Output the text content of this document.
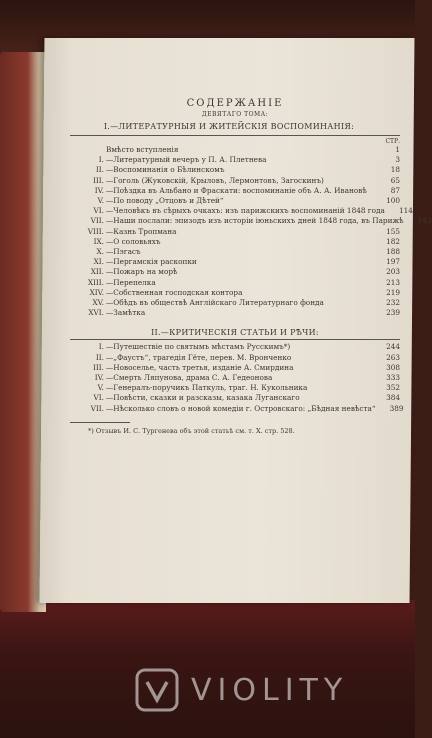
СОДЕРЖАНІЕ
ДЕВЯТАГО ТОМА:
I.—ЛИТЕРАТУРНЫЯ И ЖИТЕЙСКІЯ ВОСПОМИНАНІЯ:
СТР.
Вмѣсто вступленія	1
I. —Литературный вечеръ у П. А. Плетнева	3
II. —Воспоминанія о Бѣлинскомъ	18
III. —Гоголь (Жуковскій, Крыловъ, Лермонтовъ, Загоскинъ)	65
IV. —Поѣздка въ Альбано и Фраскати: воспоминаніе объ А. А. Ивановѣ	87
V. —По поводу „Отцовъ и Дѣтей“	100
VI. —Человѣкъ въ сѣрыхъ очкахъ: изъ парижскихъ воспоминаній 1848 года	114
VII. —Наши послали: эпизодъ изъ исторіи іюньскихъ дней 1848 года, въ Парижѣ	143
VIII. —Казнь Тропмана	155
IX. —О соловьяхъ	182
X. —Пэгасъ	188
XI. —Пергамскія раскопки	197
XII. —Пожаръ на морѣ	203
XIII. —Перепелка	213
XIV. —Собственная господская контора	219
XV. —Обѣдъ въ обществѣ Англійскаго Литературнаго фонда	232
XVI. —Замѣтка	239
II.—КРИТИЧЕСКІЯ СТАТЬИ И РѢЧИ:
I. —Путешествіе по святымъ мѣстамъ Русскимъ*)	244
II. —„Фаустъ“, трагедія Гёте, перев. М. Вронченко	263
III. —Новоселье, часть третья, изданіе А. Смирдина	308
IV. —Смерть Ляпунова, драма С. А. Гедеонова	333
V. —Генералъ-поручикъ Паткуль, траг. Н. Кукольника	352
VI. —Повѣсти, сказки и разсказы, казака Луганскаго	384
VII. —Нѣсколько словъ о новой комедіи г. Островскаго: „Бѣдная невѣста“	389
*) Отзывъ И. С. Тургенева объ этой статьѣ см. т. X. стр. 528.
VIOLITY
